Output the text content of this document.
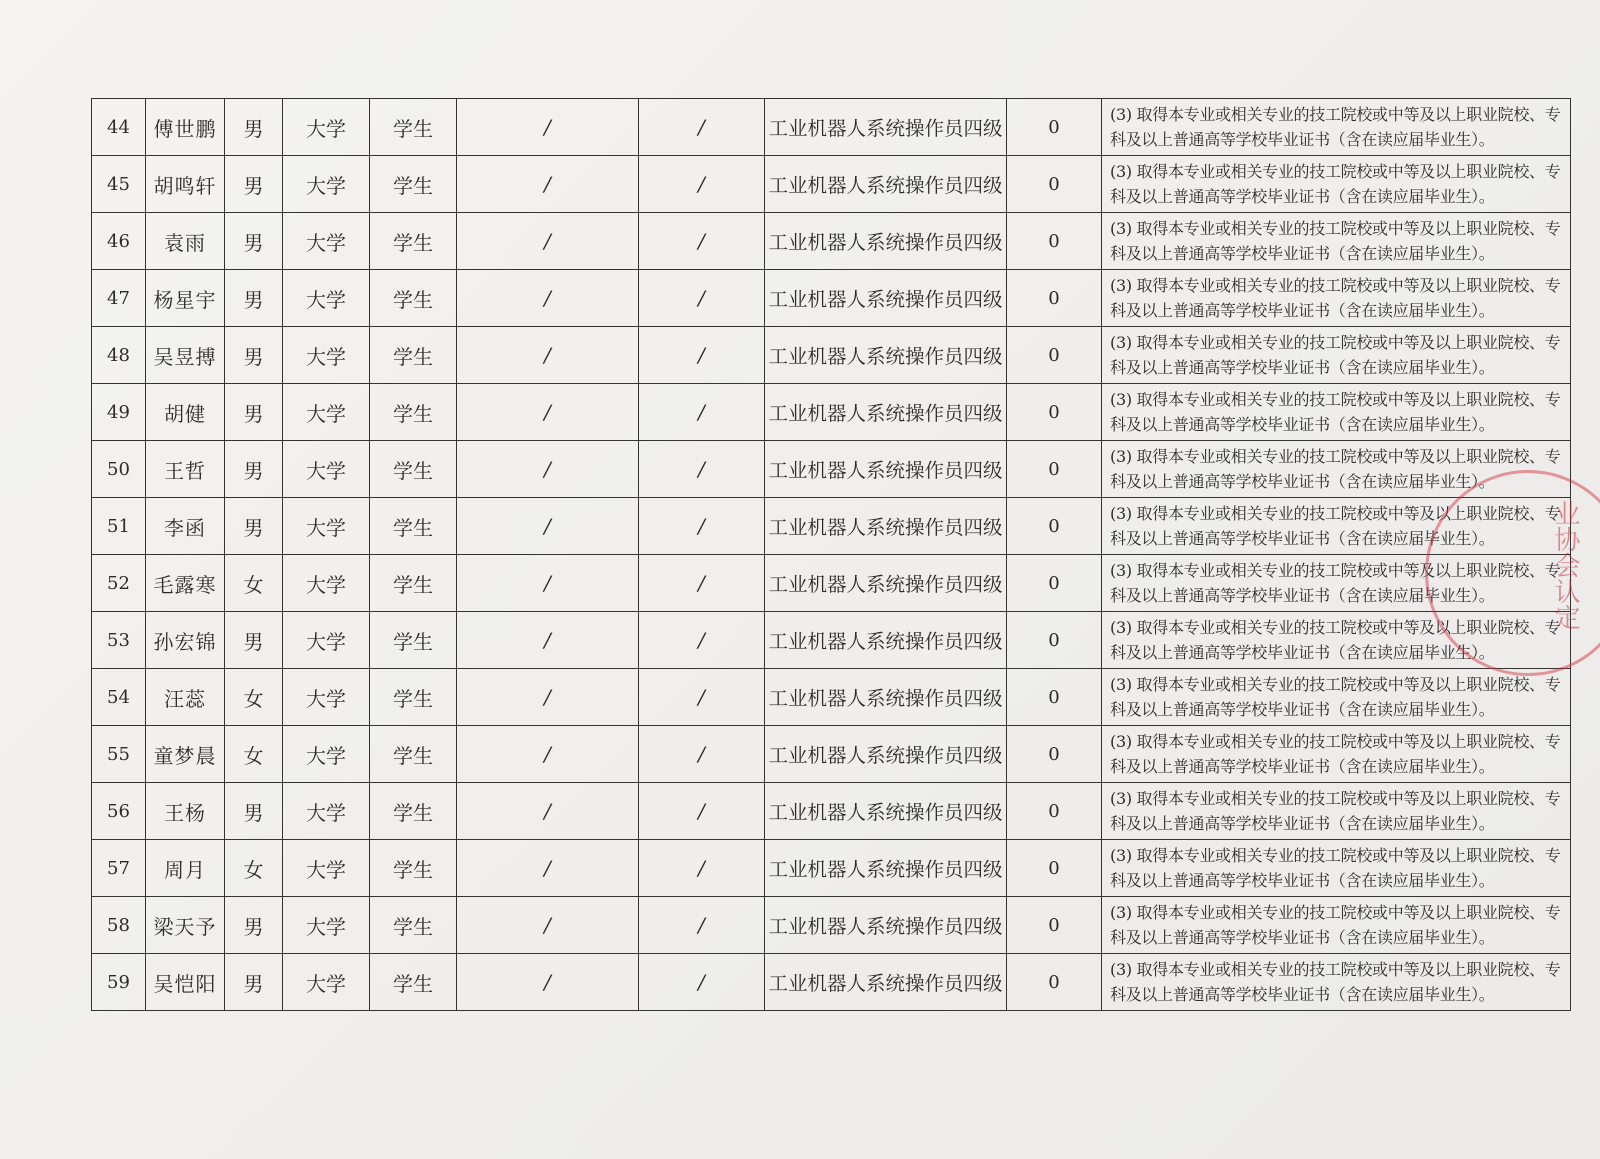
44	傅世鹏	男	大学	学生	/	/	工业机器人系统操作员四级	0	(3) 取得本专业或相关专业的技工院校或中等及以上职业院校、专科及以上普通高等学校毕业证书（含在读应届毕业生）。
45	胡鸣轩	男	大学	学生	/	/	工业机器人系统操作员四级	0	(3) 取得本专业或相关专业的技工院校或中等及以上职业院校、专科及以上普通高等学校毕业证书（含在读应届毕业生）。
46	袁雨	男	大学	学生	/	/	工业机器人系统操作员四级	0	(3) 取得本专业或相关专业的技工院校或中等及以上职业院校、专科及以上普通高等学校毕业证书（含在读应届毕业生）。
47	杨星宇	男	大学	学生	/	/	工业机器人系统操作员四级	0	(3) 取得本专业或相关专业的技工院校或中等及以上职业院校、专科及以上普通高等学校毕业证书（含在读应届毕业生）。
48	吴昱搏	男	大学	学生	/	/	工业机器人系统操作员四级	0	(3) 取得本专业或相关专业的技工院校或中等及以上职业院校、专科及以上普通高等学校毕业证书（含在读应届毕业生）。
49	胡健	男	大学	学生	/	/	工业机器人系统操作员四级	0	(3) 取得本专业或相关专业的技工院校或中等及以上职业院校、专科及以上普通高等学校毕业证书（含在读应届毕业生）。
50	王哲	男	大学	学生	/	/	工业机器人系统操作员四级	0	(3) 取得本专业或相关专业的技工院校或中等及以上职业院校、专科及以上普通高等学校毕业证书（含在读应届毕业生）。
51	李函	男	大学	学生	/	/	工业机器人系统操作员四级	0	(3) 取得本专业或相关专业的技工院校或中等及以上职业院校、专科及以上普通高等学校毕业证书（含在读应届毕业生）。
52	毛露寒	女	大学	学生	/	/	工业机器人系统操作员四级	0	(3) 取得本专业或相关专业的技工院校或中等及以上职业院校、专科及以上普通高等学校毕业证书（含在读应届毕业生）。
53	孙宏锦	男	大学	学生	/	/	工业机器人系统操作员四级	0	(3) 取得本专业或相关专业的技工院校或中等及以上职业院校、专科及以上普通高等学校毕业证书（含在读应届毕业生）。
54	汪蕊	女	大学	学生	/	/	工业机器人系统操作员四级	0	(3) 取得本专业或相关专业的技工院校或中等及以上职业院校、专科及以上普通高等学校毕业证书（含在读应届毕业生）。
55	童梦晨	女	大学	学生	/	/	工业机器人系统操作员四级	0	(3) 取得本专业或相关专业的技工院校或中等及以上职业院校、专科及以上普通高等学校毕业证书（含在读应届毕业生）。
56	王杨	男	大学	学生	/	/	工业机器人系统操作员四级	0	(3) 取得本专业或相关专业的技工院校或中等及以上职业院校、专科及以上普通高等学校毕业证书（含在读应届毕业生）。
57	周月	女	大学	学生	/	/	工业机器人系统操作员四级	0	(3) 取得本专业或相关专业的技工院校或中等及以上职业院校、专科及以上普通高等学校毕业证书（含在读应届毕业生）。
58	梁天予	男	大学	学生	/	/	工业机器人系统操作员四级	0	(3) 取得本专业或相关专业的技工院校或中等及以上职业院校、专科及以上普通高等学校毕业证书（含在读应届毕业生）。
59	吴恺阳	男	大学	学生	/	/	工业机器人系统操作员四级	0	(3) 取得本专业或相关专业的技工院校或中等及以上职业院校、专科及以上普通高等学校毕业证书（含在读应届毕业生）。
业协会认定
